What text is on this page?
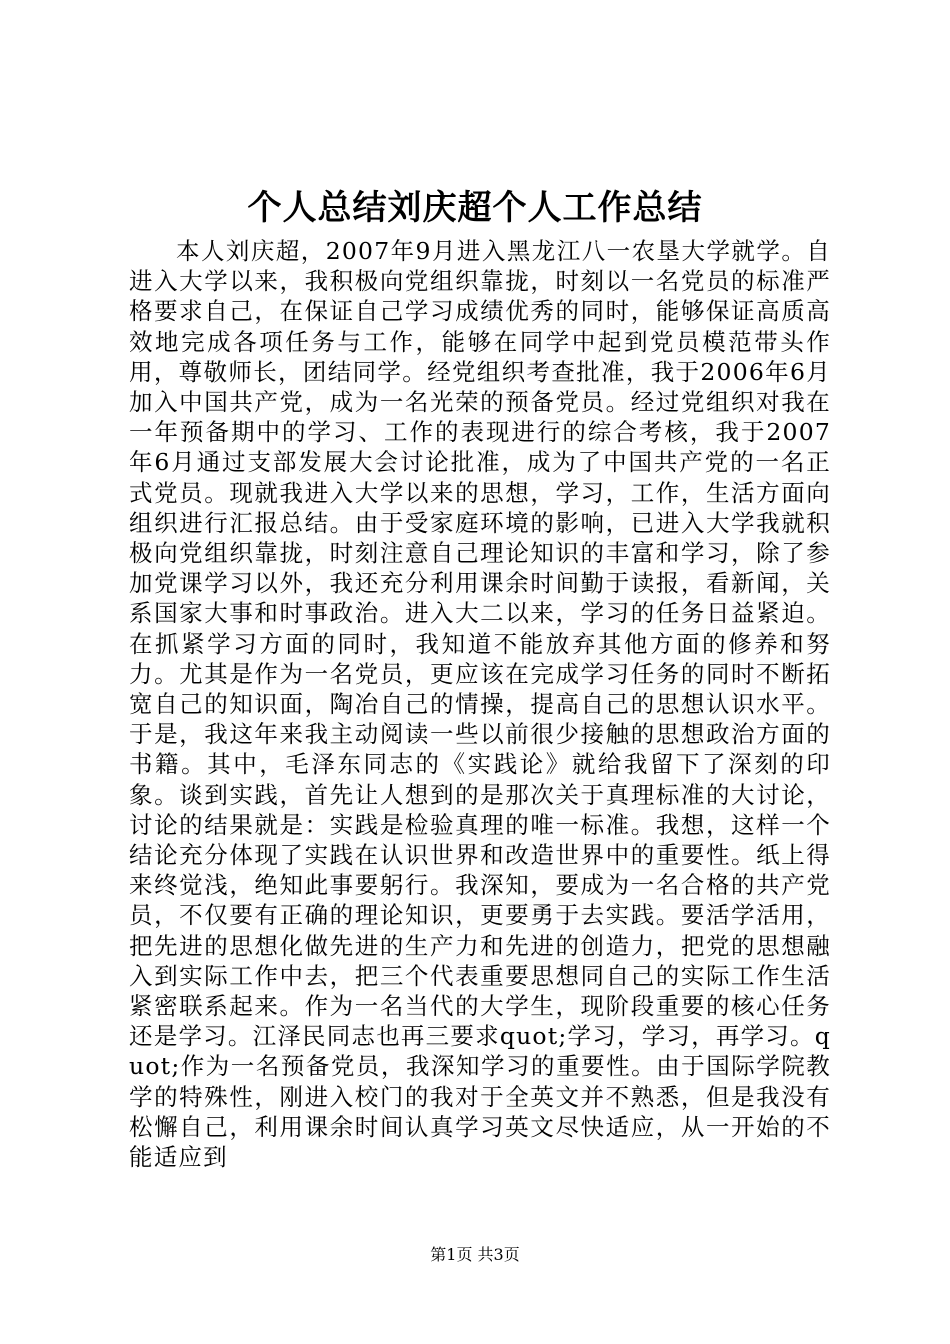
个人总结刘庆超个人工作总结

本人刘庆超，2007年9月进入黑龙江八一农垦大学就学。自进入大学以来，我积极向党组织靠拢，时刻以一名党员的标准严格要求自己，在保证自己学习成绩优秀的同时，能够保证高质高效地完成各项任务与工作，能够在同学中起到党员模范带头作用，尊敬师长，团结同学。经党组织考查批准，我于2006年6月加入中国共产党，成为一名光荣的预备党员。经过党组织对我在一年预备期中的学习、工作的表现进行的综合考核，我于2007年6月通过支部发展大会讨论批准，成为了中国共产党的一名正式党员。现就我进入大学以来的思想，学习，工作，生活方面向组织进行汇报总结。由于受家庭环境的影响，已进入大学我就积极向党组织靠拢，时刻注意自己理论知识的丰富和学习，除了参加党课学习以外，我还充分利用课余时间勤于读报，看新闻，关系国家大事和时事政治。进入大二以来，学习的任务日益紧迫。在抓紧学习方面的同时，我知道不能放弃其他方面的修养和努力。尤其是作为一名党员，更应该在完成学习任务的同时不断拓宽自己的知识面，陶冶自己的情操，提高自己的思想认识水平。于是，我这年来我主动阅读一些以前很少接触的思想政治方面的书籍。其中，毛泽东同志的《实践论》就给我留下了深刻的印象。谈到实践，首先让人想到的是那次关于真理标准的大讨论，讨论的结果就是：实践是检验真理的唯一标准。我想，这样一个结论充分体现了实践在认识世界和改造世界中的重要性。纸上得来终觉浅，绝知此事要躬行。我深知，要成为一名合格的共产党员，不仅要有正确的理论知识，更要勇于去实践。要活学活用，把先进的思想化做先进的生产力和先进的创造力，把党的思想融入到实际工作中去，把三个代表重要思想同自己的实际工作生活紧密联系起来。作为一名当代的大学生，现阶段重要的核心任务还是学习。江泽民同志也再三要求quot;学习，学习，再学习。quot;作为一名预备党员，我深知学习的重要性。由于国际学院教学的特殊性，刚进入校门的我对于全英文并不熟悉，但是我没有松懈自己，利用课余时间认真学习英文尽快适应，从一开始的不能适应到

第1页 共3页
